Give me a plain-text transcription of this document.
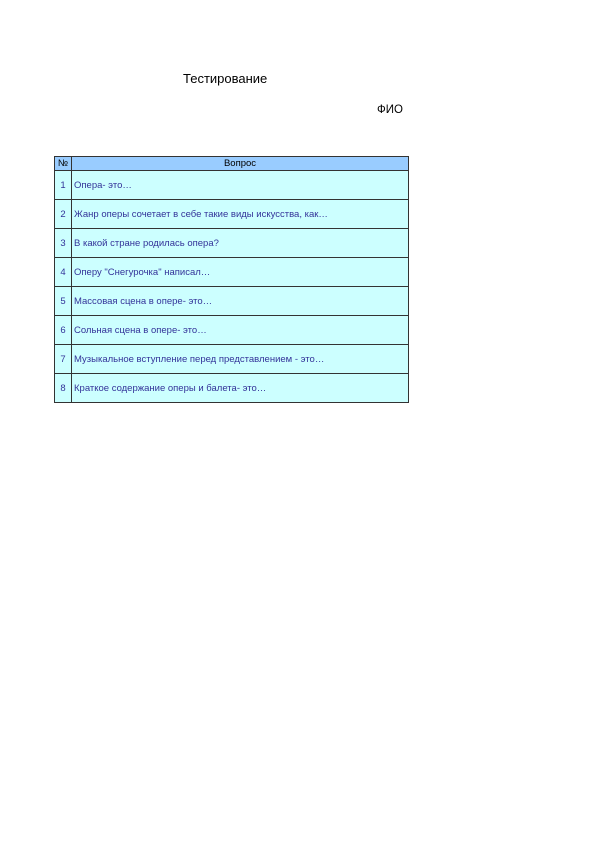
Тестирование
ФИО
№	Вопрос
1	Опера- это…
2	Жанр оперы сочетает в себе такие виды искусства, как…
3	В какой стране родилась опера?
4	Оперу "Снегурочка" написал…
5	Массовая сцена в опере- это…
6	Сольная сцена в опере- это…
7	Музыкальное вступление перед представлением - это…
8	Краткое содержание оперы и балета- это…
